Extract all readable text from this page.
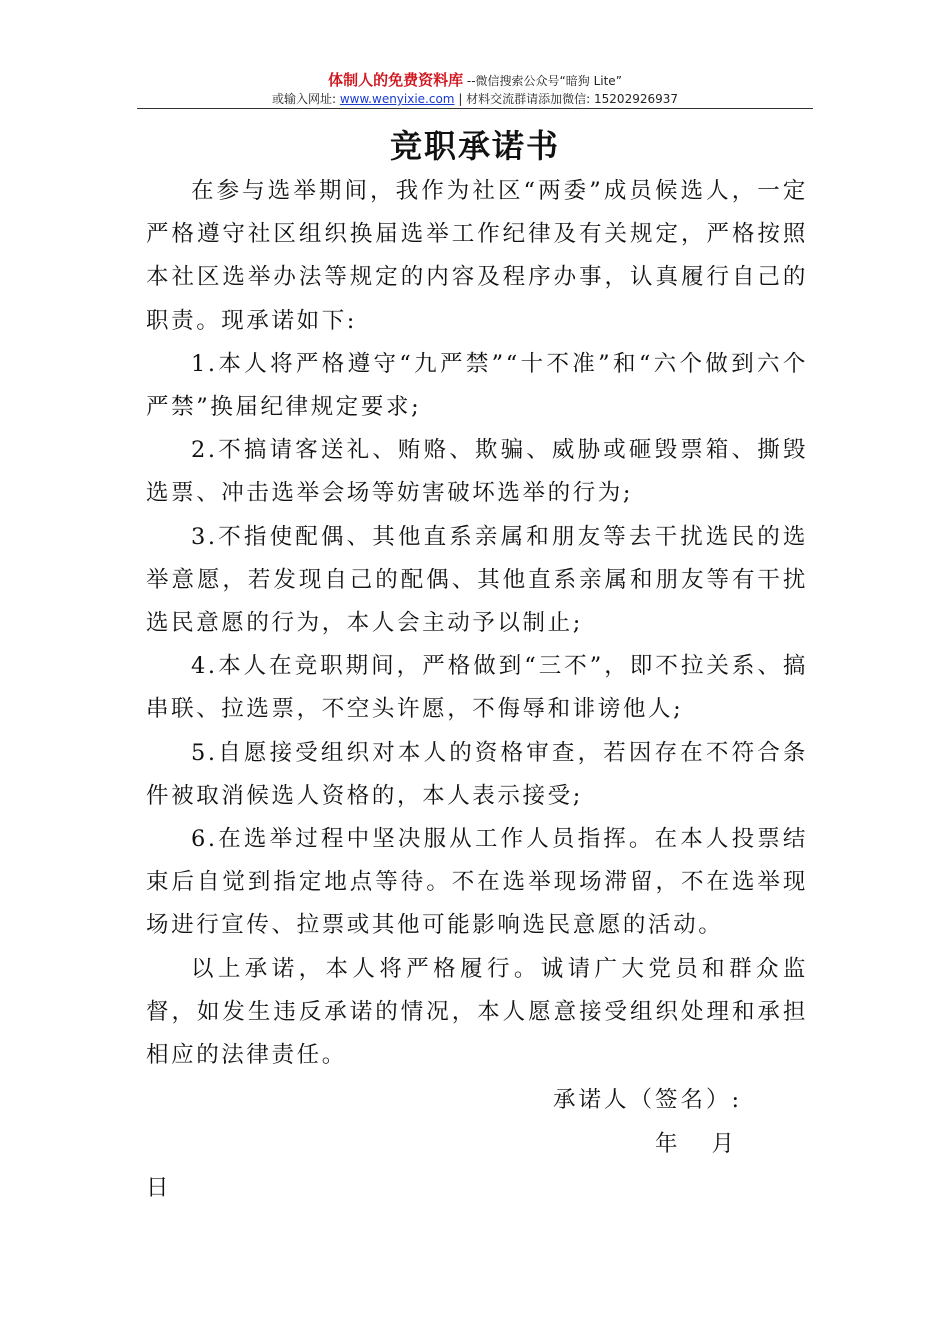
体制人的免费资料库 --微信搜索公众号“暗狗 Lite”
或输入网址: www.wenyixie.com | 材料交流群请添加微信: 15202926937
竞职承诺书

在参与选举期间，我作为社区“两委”成员候选人，一定严格遵守社区组织换届选举工作纪律及有关规定，严格按照本社区选举办法等规定的内容及程序办事，认真履行自己的职责。现承诺如下:

1.本人将严格遵守“九严禁”“十不准”和“六个做到六个严禁”换届纪律规定要求;

2.不搞请客送礼、贿赂、欺骗、威胁或砸毁票箱、撕毁选票、冲击选举会场等妨害破坏选举的行为;

3.不指使配偶、其他直系亲属和朋友等去干扰选民的选举意愿，若发现自己的配偶、其他直系亲属和朋友等有干扰选民意愿的行为，本人会主动予以制止;

4.本人在竞职期间，严格做到“三不”，即不拉关系、搞串联、拉选票，不空头许愿，不侮辱和诽谤他人;

5.自愿接受组织对本人的资格审查，若因存在不符合条件被取消候选人资格的，本人表示接受;

6.在选举过程中坚决服从工作人员指挥。在本人投票结束后自觉到指定地点等待。不在选举现场滞留，不在选举现场进行宣传、拉票或其他可能影响选民意愿的活动。

以上承诺，本人将严格履行。诚请广大党员和群众监督，如发生违反承诺的情况，本人愿意接受组织处理和承担相应的法律责任。

承诺人（签名）:
年 月
日
